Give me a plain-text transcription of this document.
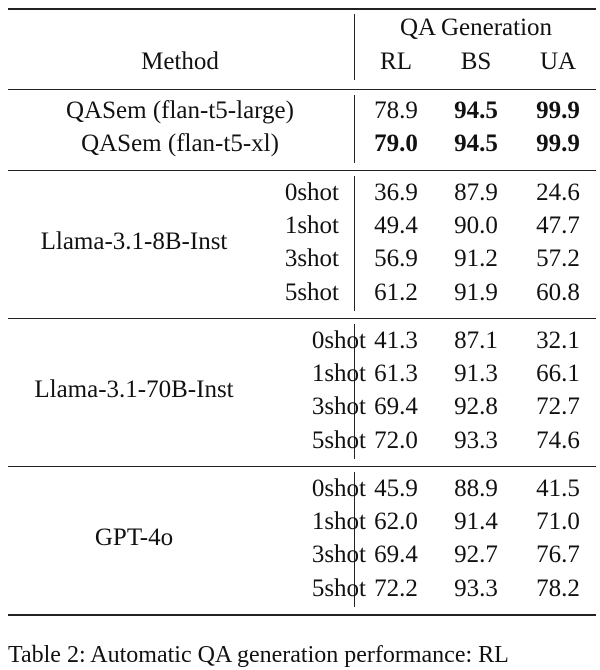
QA Generation
Method	RL BS UA
QASem (flan-t5-large)	78.9 94.5 99.9
QASem (flan-t5-xl)	79.0 94.5 99.9
Llama-3.1-8B-Inst
0shot 36.9 87.9 24.6
1shot 49.4 90.0 47.7
3shot 56.9 91.2 57.2
5shot 61.2 91.9 60.8
Llama-3.1-70B-Inst
0shot 41.3 87.1 32.1
1shot 61.3 91.3 66.1
3shot 69.4 92.8 72.7
5shot 72.0 93.3 74.6
GPT-4o
0shot 45.9 88.9 41.5
1shot 62.0 91.4 71.0
3shot 69.4 92.7 76.7
5shot 72.2 93.3 78.2
Table 2: Automatic QA generation performance: RL
